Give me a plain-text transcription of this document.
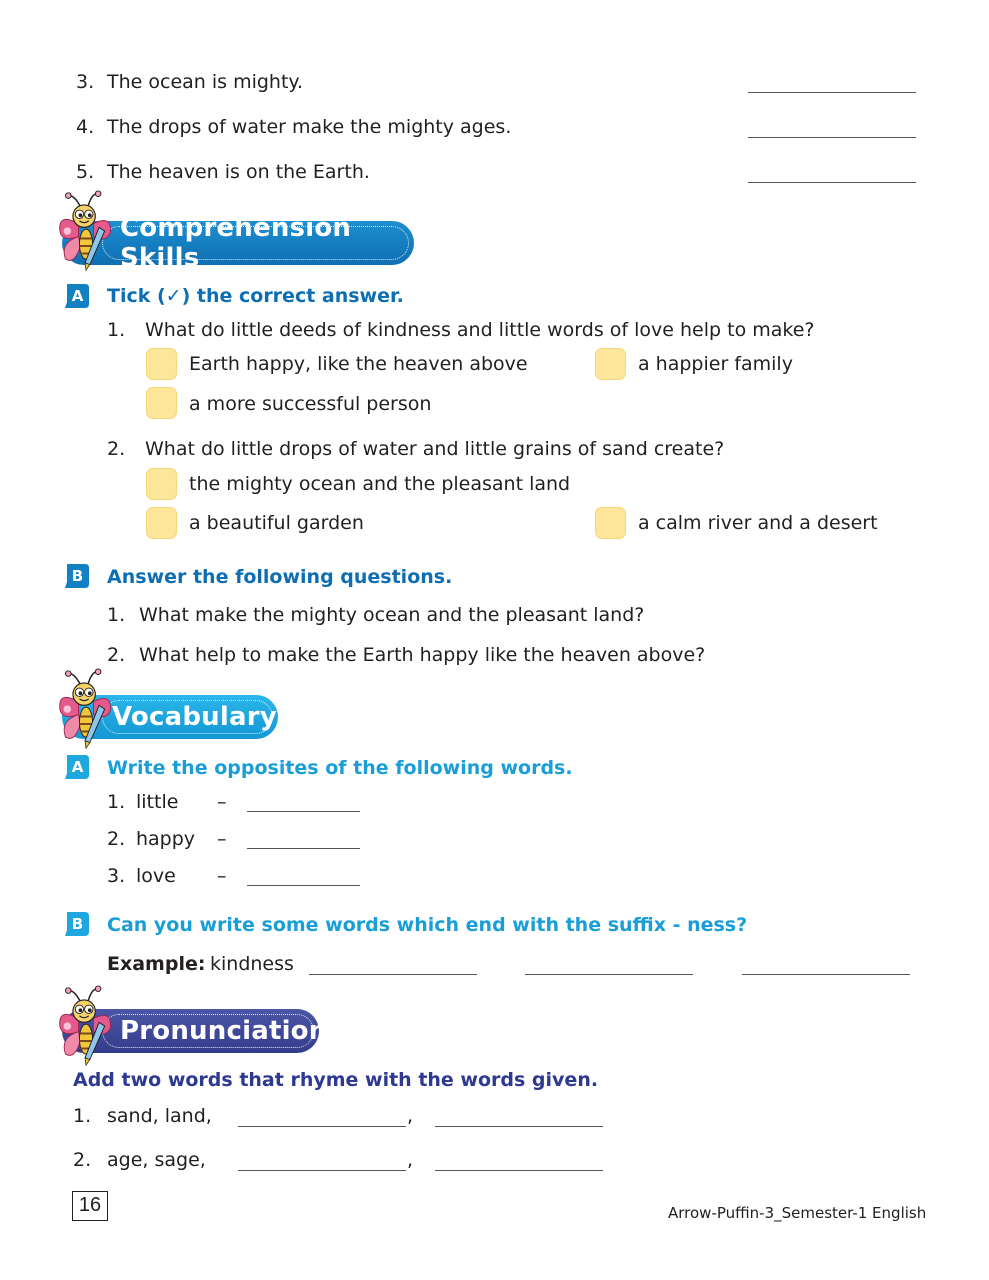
3. The ocean is mighty.
4. The drops of water make the mighty ages.
5. The heaven is on the Earth.
Comprehension Skills
A Tick (✓) the correct answer.
1. What do little deeds of kindness and little words of love help to make?
Earth happy, like the heaven above	a happier family
a more successful person
2. What do little drops of water and little grains of sand create?
the mighty ocean and the pleasant land
a beautiful garden	a calm river and a desert
B Answer the following questions.
1. What make the mighty ocean and the pleasant land?
2. What help to make the Earth happy like the heaven above?
Vocabulary
A Write the opposites of the following words.
1. little –
2. happy –
3. love –
B Can you write some words which end with the suffix - ness?
Example: kindness
Pronunciation
Add two words that rhyme with the words given.
1. sand, land,	,
2. age, sage,	,
16	Arrow-Puffin-3_Semester-1 English
